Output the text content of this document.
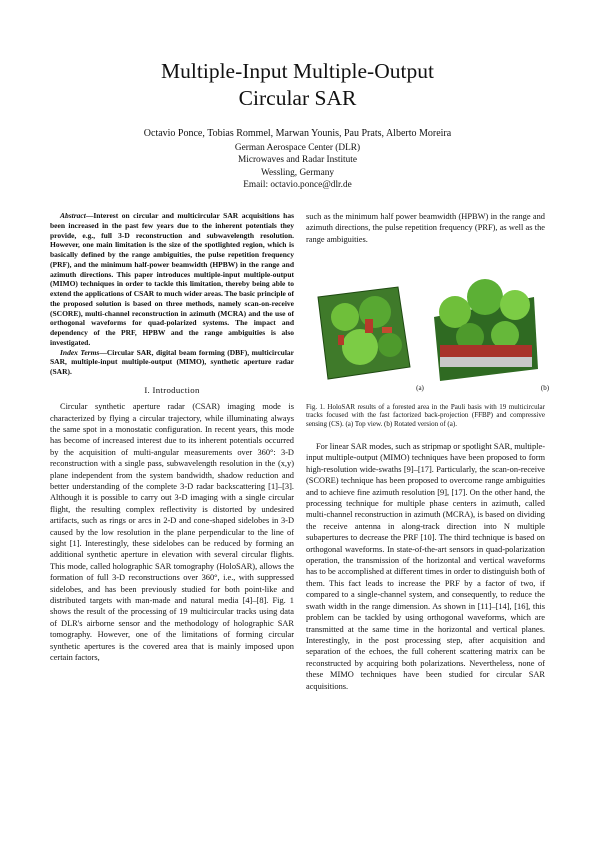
Multiple-Input Multiple-Output
Circular SAR
Octavio Ponce, Tobias Rommel, Marwan Younis, Pau Prats, Alberto Moreira
German Aerospace Center (DLR)
Microwaves and Radar Institute
Wessling, Germany
Email: octavio.ponce@dlr.de

Abstract—Interest on circular and multicircular SAR acquisitions has been increased in the past few years due to the inherent potentials they provide, e.g., full 3-D reconstruction and subwavelength resolution. However, one main limitation is the size of the spotlighted region, which is basically defined by the range ambiguities, the pulse repetition frequency (PRF), and the minimum half-power beamwidth (HPBW) in the range and azimuth directions. This paper introduces multiple-input multiple-output (MIMO) techniques in order to tackle this limitation, thereby being able to extend the applications of CSAR to much wider areas. The basic principle of the proposed solution is based on three methods, namely scan-on-receive (SCORE), multi-channel reconstruction in azimuth (MCRA) and the use of orthogonal waveforms for quad-polarized systems. The impact and dependency of the PRF, HPBW and the range ambiguities is also investigated.

Index Terms—Circular SAR, digital beam forming (DBF), multicircular SAR, multiple-input multiple-output (MIMO), synthetic aperture radar (SAR).

I. Introduction

Circular synthetic aperture radar (CSAR) imaging mode is characterized by flying a circular trajectory, while illuminating always the same spot in a monostatic configuration. In recent years, this mode has become of increased interest due to its inherent potentials occurred by the acquisition of multi-angular measurements over 360°: 3-D reconstruction with a single pass, subwavelength resolution in the (x,y) plane independent from the system bandwidth, shadow reduction and better understanding of the complete 3-D radar backscattering [1]–[3]. Although it is possible to carry out 3-D imaging with a single circular flight, the resulting complex reflectivity is distorted by undesired artifacts, such as rings or arcs in 2-D and cone-shaped sidelobes in 3-D caused by the low resolution in the plane perpendicular to the line of sight [1]. Interestingly, these sidelobes can be reduced by forming an additional synthetic aperture in elevation with several circular flights. This mode, called holographic SAR tomography (HoloSAR), allows the formation of full 3-D reconstructions over 360°, i.e., with suppressed sidelobes, and has been previously studied for both point-like and distributed targets with man-made and natural media [4]–[8]. Fig. 1 shows the result of the processing of 19 multicircular tracks using data of DLR's airborne sensor and the methodology of holographic SAR tomography. However, one of the limitations of forming circular synthetic apertures is the covered area that is mainly imposed upon certain factors,

such as the minimum half power beamwidth (HPBW) in the range and azimuth directions, the pulse repetition frequency (PRF), as well as the range ambiguities.

(a)	(b)
Fig. 1. HoloSAR results of a forested area in the Pauli basis with 19 multicircular tracks focused with the fast factorized back-projection (FFBP) and compressive sensing (CS). (a) Top view. (b) Rotated version of (a).

For linear SAR modes, such as stripmap or spotlight SAR, multiple-input multiple-output (MIMO) techniques have been proposed to form high-resolution wide-swaths [9]–[17]. Particularly, the scan-on-receive (SCORE) technique has been proposed to overcome range ambiguities and to achieve fine azimuth resolution [9], [17]. On the other hand, the processing technique for multiple phase centers in azimuth, called multi-channel reconstruction in azimuth (MCRA), is based on dividing the receive antenna in along-track direction into N multiple subapertures to decrease the PRF [10]. The third technique is based on orthogonal waveforms. In state-of-the-art sensors in quad-polarization operation, the transmission of the horizontal and vertical waveforms has to be accomplished at different times in order to distinguish both of them. This fact leads to increase the PRF by a factor of two, if compared to a single-channel system, and consequently, to reduce the swath width in the range dimension. As shown in [11]–[14], [16], this problem can be tackled by using orthogonal waveforms, which are transmitted at the same time in the horizontal and vertical planes. Interestingly, in the post processing step, after acquisition and separation of the echoes, the full coherent scattering matrix can be reconstructed by acquiring both polarizations. Nevertheless, none of these MIMO techniques have been studied for circular SAR acquisitions.
